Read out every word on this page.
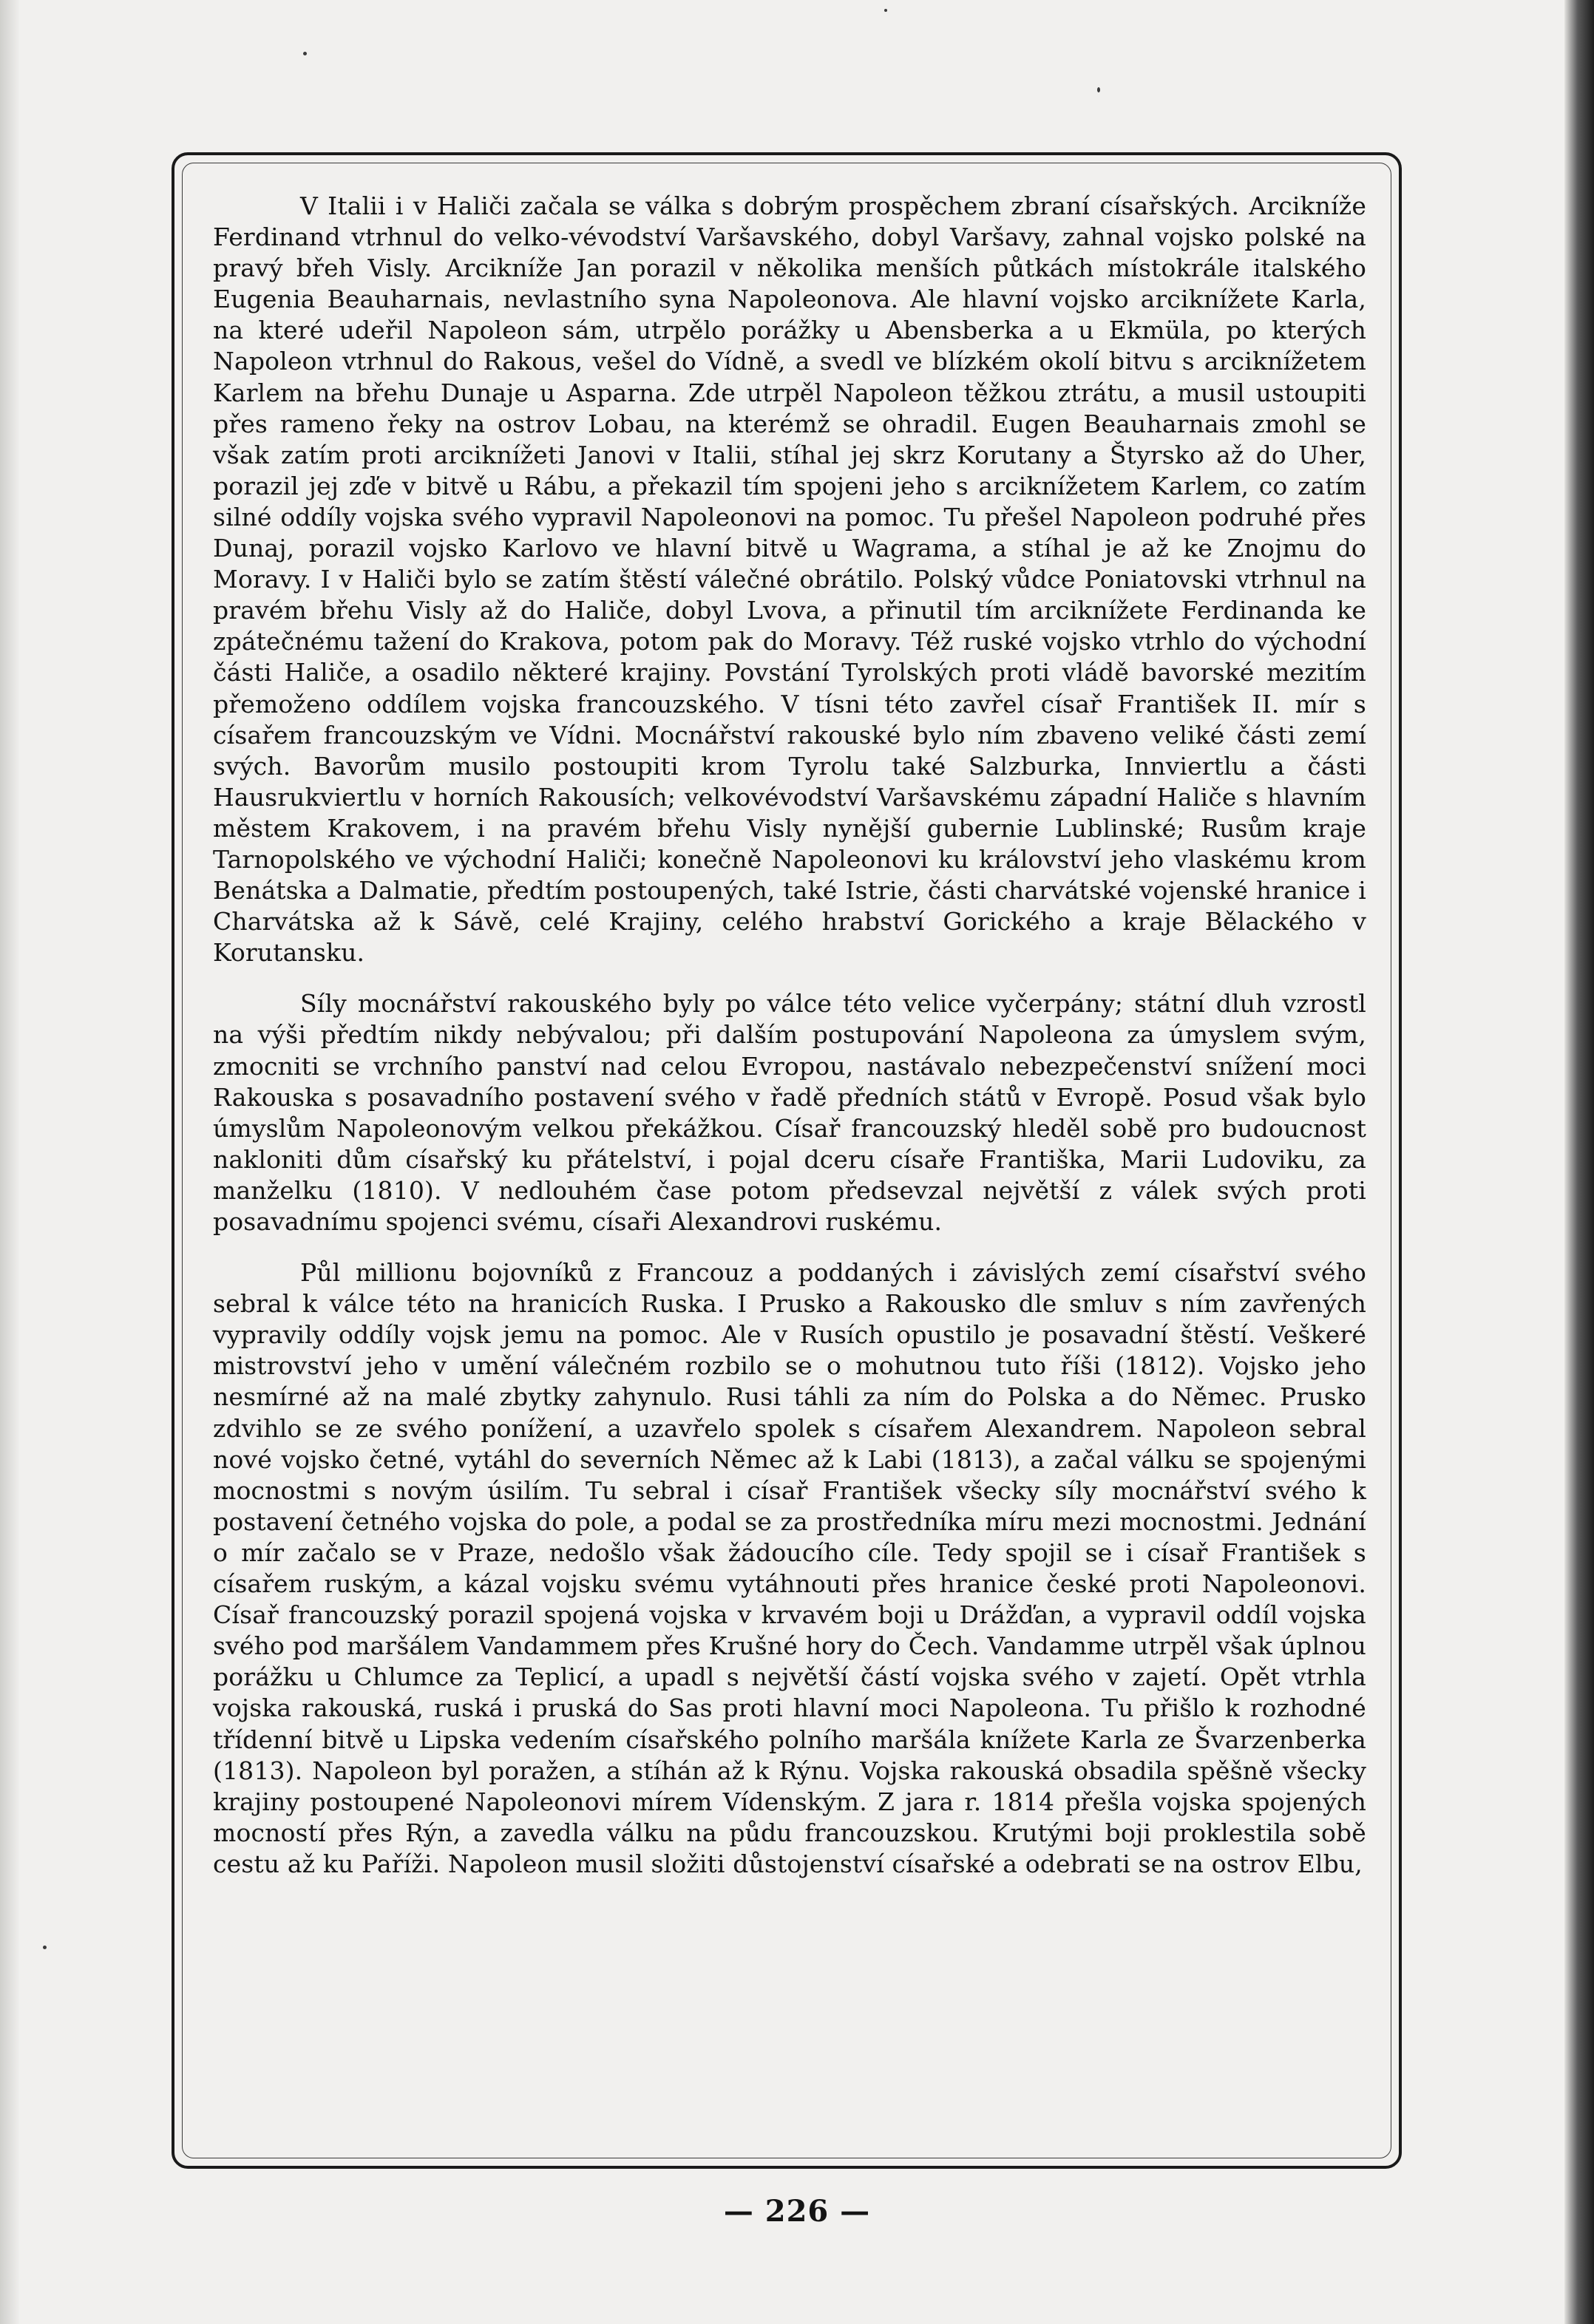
V Italii i v Haliči začala se válka s dobrým prospěchem zbraní císařských. Arcikníže Ferdinand vtrhnul do velko-vévodství Varšavského, dobyl Varšavy, zahnal vojsko polské na pravý břeh Visly. Arcikníže Jan porazil v několika menších půtkách místokrále italského Eugenia Beauharnais, nevlastního syna Napoleonova. Ale hlavní vojsko arciknížete Karla, na které udeřil Napoleon sám, utrpělo porážky u Abensberka a u Ekmüla, po kterých Napoleon vtrhnul do Rakous, vešel do Vídně, a svedl ve blízkém okolí bitvu s arciknížetem Karlem na břehu Dunaje u Asparna. Zde utrpěl Napoleon těžkou ztrátu, a musil ustoupiti přes rameno řeky na ostrov Lobau, na kterémž se ohradil. Eugen Beauharnais zmohl se však zatím proti arciknížeti Janovi v Italii, stíhal jej skrz Korutany a Štyrsko až do Uher, porazil jej zďe v bitvě u Rábu, a překazil tím spojeni jeho s arciknížetem Karlem, co zatím silné oddíly vojska svého vypravil Napoleonovi na pomoc. Tu přešel Napoleon podruhé přes Dunaj, porazil vojsko Karlovo ve hlavní bitvě u Wagrama, a stíhal je až ke Znojmu do Moravy. I v Haliči bylo se zatím štěstí válečné obrátilo. Polský vůdce Poniatovski vtrhnul na pravém břehu Visly až do Haliče, dobyl Lvova, a přinutil tím arciknížete Ferdinanda ke zpátečnému tažení do Krakova, potom pak do Moravy. Též ruské vojsko vtrhlo do východní části Haliče, a osadilo některé krajiny. Povstání Tyrolských proti vládě bavorské mezitím přemoženo oddílem vojska francouzského. V tísni této zavřel císař František II. mír s císařem francouzským ve Vídni. Mocnářství rakouské bylo ním zbaveno veliké části zemí svých. Bavorům musilo postoupiti krom Tyrolu také Salzburka, Innviertlu a části Hausrukviertlu v horních Rakousích; velkovévodství Varšavskému západní Haliče s hlavním městem Krakovem, i na pravém břehu Visly nynější gubernie Lublinské; Rusům kraje Tarnopolského ve východní Haliči; konečně Napoleonovi ku království jeho vlaskému krom Benátska a Dalmatie, předtím postoupených, také Istrie, části charvátské vojenské hranice i Charvátska až k Sávě, celé Krajiny, celého hrabství Gorického a kraje Bělackého v Korutansku.

Síly mocnářství rakouského byly po válce této velice vyčerpány; státní dluh vzrostl na výši předtím nikdy nebývalou; při dalším postupování Napoleona za úmyslem svým, zmocniti se vrchního panství nad celou Evropou, nastávalo nebezpečenství snížení moci Rakouska s posavadního postavení svého v řadě předních států v Evropě. Posud však bylo úmyslům Napoleonovým velkou překážkou. Císař francouzský hleděl sobě pro budoucnost nakloniti dům císařský ku přátelství, i pojal dceru císaře Františka, Marii Ludoviku, za manželku (1810). V nedlouhém čase potom předsevzal největší z válek svých proti posavadnímu spojenci svému, císaři Alexandrovi ruskému.

Půl millionu bojovníků z Francouz a poddaných i závislých zemí císařství svého sebral k válce této na hranicích Ruska. I Prusko a Rakousko dle smluv s ním zavřených vypravily oddíly vojsk jemu na pomoc. Ale v Rusích opustilo je posavadní štěstí. Veškeré mistrovství jeho v umění válečném rozbilo se o mohutnou tuto říši (1812). Vojsko jeho nesmírné až na malé zbytky zahynulo. Rusi táhli za ním do Polska a do Němec. Prusko zdvihlo se ze svého ponížení, a uzavřelo spolek s císařem Alexandrem. Napoleon sebral nové vojsko četné, vytáhl do severních Němec až k Labi (1813), a začal válku se spojenými mocnostmi s novým úsilím. Tu sebral i císař František všecky síly mocnářství svého k postavení četného vojska do pole, a podal se za prostředníka míru mezi mocnostmi. Jednání o mír začalo se v Praze, nedošlo však žádoucího cíle. Tedy spojil se i císař František s císařem ruským, a kázal vojsku svému vytáhnouti přes hranice české proti Napoleonovi. Císař francouzský porazil spojená vojska v krvavém boji u Drážďan, a vypravil oddíl vojska svého pod maršálem Vandammem přes Krušné hory do Čech. Vandamme utrpěl však úplnou porážku u Chlumce za Teplicí, a upadl s největší částí vojska svého v zajetí. Opět vtrhla vojska rakouská, ruská i pruská do Sas proti hlavní moci Napoleona. Tu přišlo k rozhodné třídenní bitvě u Lipska vedením císařského polního maršála knížete Karla ze Švarzenberka (1813). Napoleon byl poražen, a stíhán až k Rýnu. Vojska rakouská obsadila spěšně všecky krajiny postoupené Napoleonovi mírem Vídenským. Z jara r. 1814 přešla vojska spojených mocností přes Rýn, a zavedla válku na půdu francouzskou. Krutými boji proklestila sobě cestu až ku Paříži. Napoleon musil složiti důstojenství císařské a odebrati se na ostrov Elbu,

— 226 —
